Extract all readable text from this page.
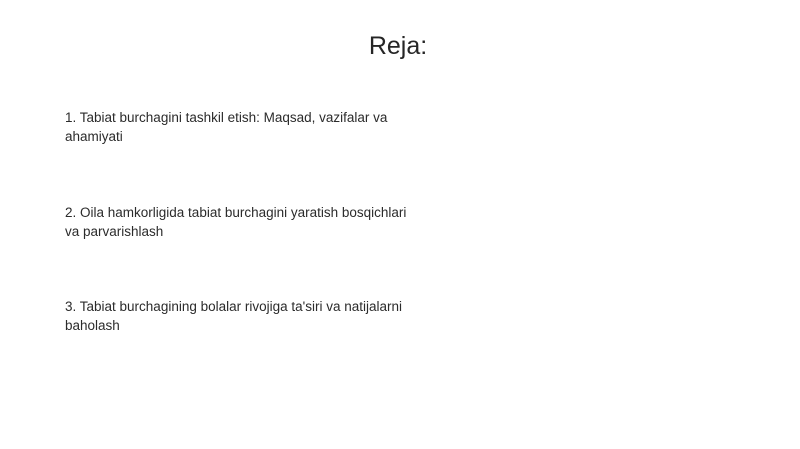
Reja:
1. Tabiat burchagini tashkil etish: Maqsad, vazifalar va ahamiyati
2. Oila hamkorligida tabiat burchagini yaratish bosqichlari va parvarishlash
3. Tabiat burchagining bolalar rivojiga ta'siri va natijalarni baholash
